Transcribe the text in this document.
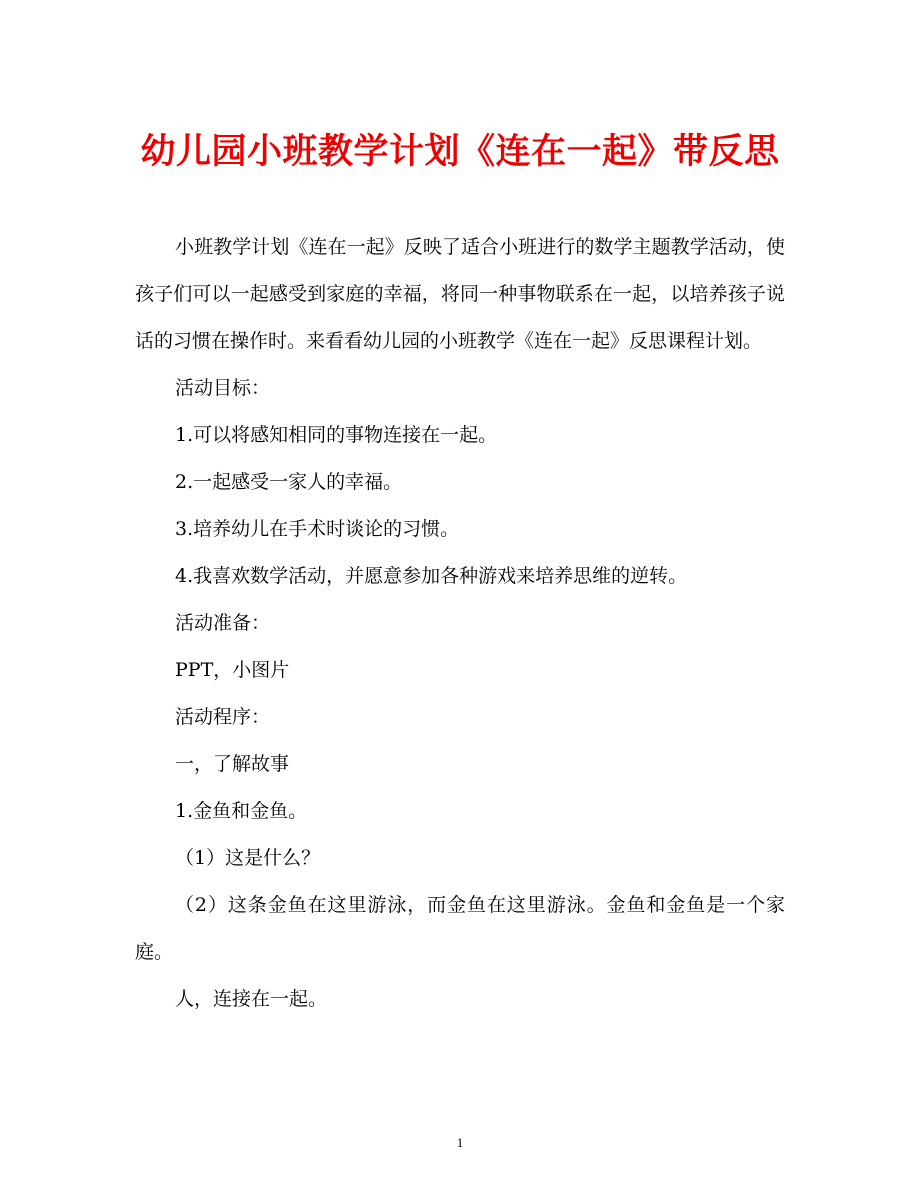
幼儿园小班教学计划《连在一起》带反思

小班教学计划《连在一起》反映了适合小班进行的数学主题教学活动，使孩子们可以一起感受到家庭的幸福，将同一种事物联系在一起，以培养孩子说话的习惯在操作时。来看看幼儿园的小班教学《连在一起》反思课程计划。

活动目标：

1.可以将感知相同的事物连接在一起。

2.一起感受一家人的幸福。

3.培养幼儿在手术时谈论的习惯。

4.我喜欢数学活动，并愿意参加各种游戏来培养思维的逆转。

活动准备：

PPT，小图片

活动程序：

一，了解故事

1.金鱼和金鱼。

（1）这是什么？

（2）这条金鱼在这里游泳，而金鱼在这里游泳。金鱼和金鱼是一个家庭。

人，连接在一起。

1
